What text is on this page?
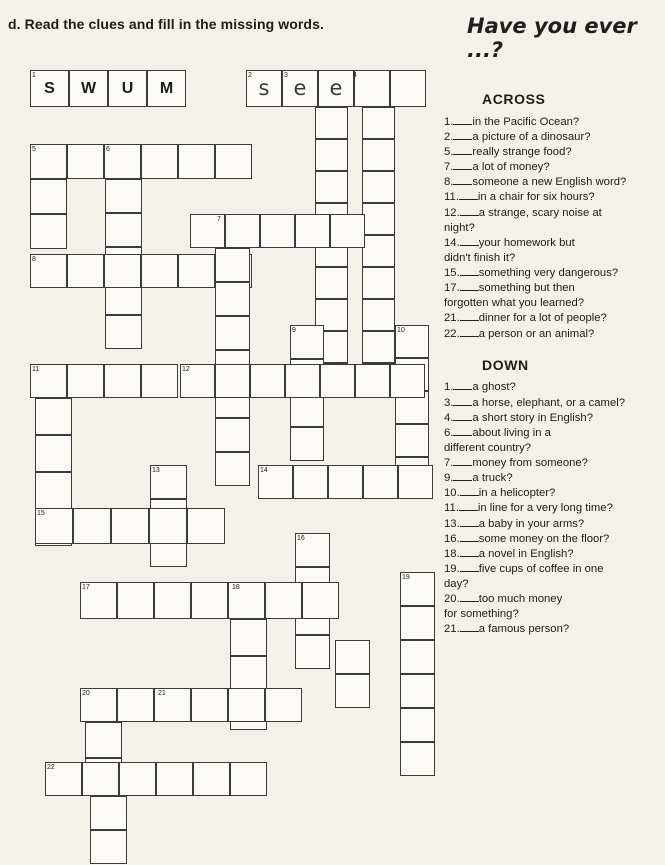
d. Read the clues and fill in the missing words.	Have you ever ...?
1	2	3	4
5	6
7
8
9	10
11	12
13	14
15
16
17	18
19
20	21
22
S	W	U	M	s	e	e	ACROSS
1. in the Pacific Ocean?
2. a picture of a dinosaur?
5. really strange food?
7. a lot of money?
8. someone a new English word?
11. in a chair for six hours?
12. a strange, scary noise at
night?
14. your homework but
didn't finish it?
15. something very dangerous?
17. something but then
forgotten what you learned?
21. dinner for a lot of people?
22. a person or an animal?
DOWN
1. a ghost?
3. a horse, elephant, or a camel?
4. a short story in English?
6. about living in a
different country?
7. money from someone?
9. a truck?
10. in a helicopter?
11. in line for a very long time?
13. a baby in your arms?
16. some money on the floor?
18. a novel in English?
19. five cups of coffee in one
day?
20. too much money
for something?
21. a famous person?
